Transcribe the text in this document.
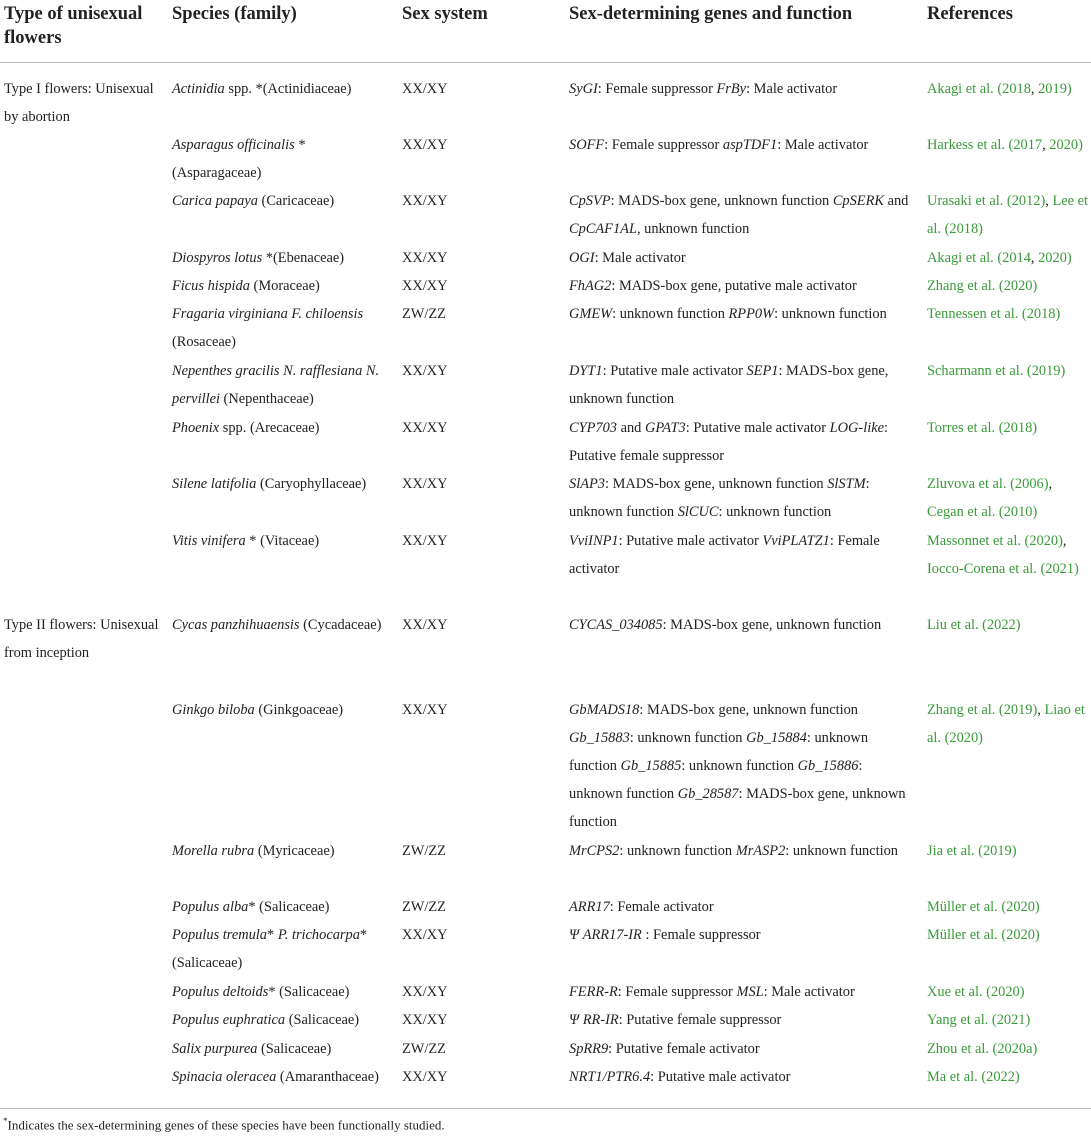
Type of unisexual flowers	Species (family)	Sex system	Sex-determining genes and function	References
Type I flowers: Unisexual by abortion	Actinidia spp. *(Actinidiaceae)	XX/XY	SyGI: Female suppressor FrBy: Male activator	Akagi et al. (2018, 2019)
	Asparagus officinalis *(Asparagaceae)	XX/XY	SOFF: Female suppressor aspTDF1: Male activator	Harkess et al. (2017, 2020)
	Carica papaya (Caricaceae)	XX/XY	CpSVP: MADS-box gene, unknown function CpSERK and CpCAF1AL, unknown function	Urasaki et al. (2012), Lee et al. (2018)
	Diospyros lotus *(Ebenaceae)	XX/XY	OGI: Male activator	Akagi et al. (2014, 2020)
	Ficus hispida (Moraceae)	XX/XY	FhAG2: MADS-box gene, putative male activator	Zhang et al. (2020)
	Fragaria virginiana F. chiloensis (Rosaceae)	ZW/ZZ	GMEW: unknown function RPP0W: unknown function	Tennessen et al. (2018)
	Nepenthes gracilis N. rafflesiana N. pervillei (Nepenthaceae)	XX/XY	DYT1: Putative male activator SEP1: MADS-box gene, unknown function	Scharmann et al. (2019)
	Phoenix spp. (Arecaceae)	XX/XY	CYP703 and GPAT3: Putative male activator LOG-like: Putative female suppressor	Torres et al. (2018)
	Silene latifolia (Caryophyllaceae)	XX/XY	SlAP3: MADS-box gene, unknown function SlSTM: unknown function SlCUC: unknown function	Zluvova et al. (2006), Cegan et al. (2010)
	Vitis vinifera * (Vitaceae)	XX/XY	VviINP1: Putative male activator VviPLATZ1: Female activator	Massonnet et al. (2020), Iocco-Corena et al. (2021)
Type II flowers: Unisexual from inception	Cycas panzhihuaensis (Cycadaceae)	XX/XY	CYCAS_034085: MADS-box gene, unknown function	Liu et al. (2022)
	Ginkgo biloba (Ginkgoaceae)	XX/XY	GbMADS18: MADS-box gene, unknown function Gb_15883: unknown function Gb_15884: unknown function Gb_15885: unknown function Gb_15886: unknown function Gb_28587: MADS-box gene, unknown function	Zhang et al. (2019), Liao et al. (2020)
	Morella rubra (Myricaceae)	ZW/ZZ	MrCPS2: unknown function MrASP2: unknown function	Jia et al. (2019)
	Populus alba* (Salicaceae)	ZW/ZZ	ARR17: Female activator	Müller et al. (2020)
	Populus tremula* P. trichocarpa* (Salicaceae)	XX/XY	Ψ ARR17-IR : Female suppressor	Müller et al. (2020)
	Populus deltoids* (Salicaceae)	XX/XY	FERR-R: Female suppressor MSL: Male activator	Xue et al. (2020)
	Populus euphratica (Salicaceae)	XX/XY	Ψ RR-IR: Putative female suppressor	Yang et al. (2021)
	Salix purpurea (Salicaceae)	ZW/ZZ	SpRR9: Putative female activator	Zhou et al. (2020a)
	Spinacia oleracea (Amaranthaceae)	XX/XY	NRT1/PTR6.4: Putative male activator	Ma et al. (2022)
*Indicates the sex-determining genes of these species have been functionally studied.
